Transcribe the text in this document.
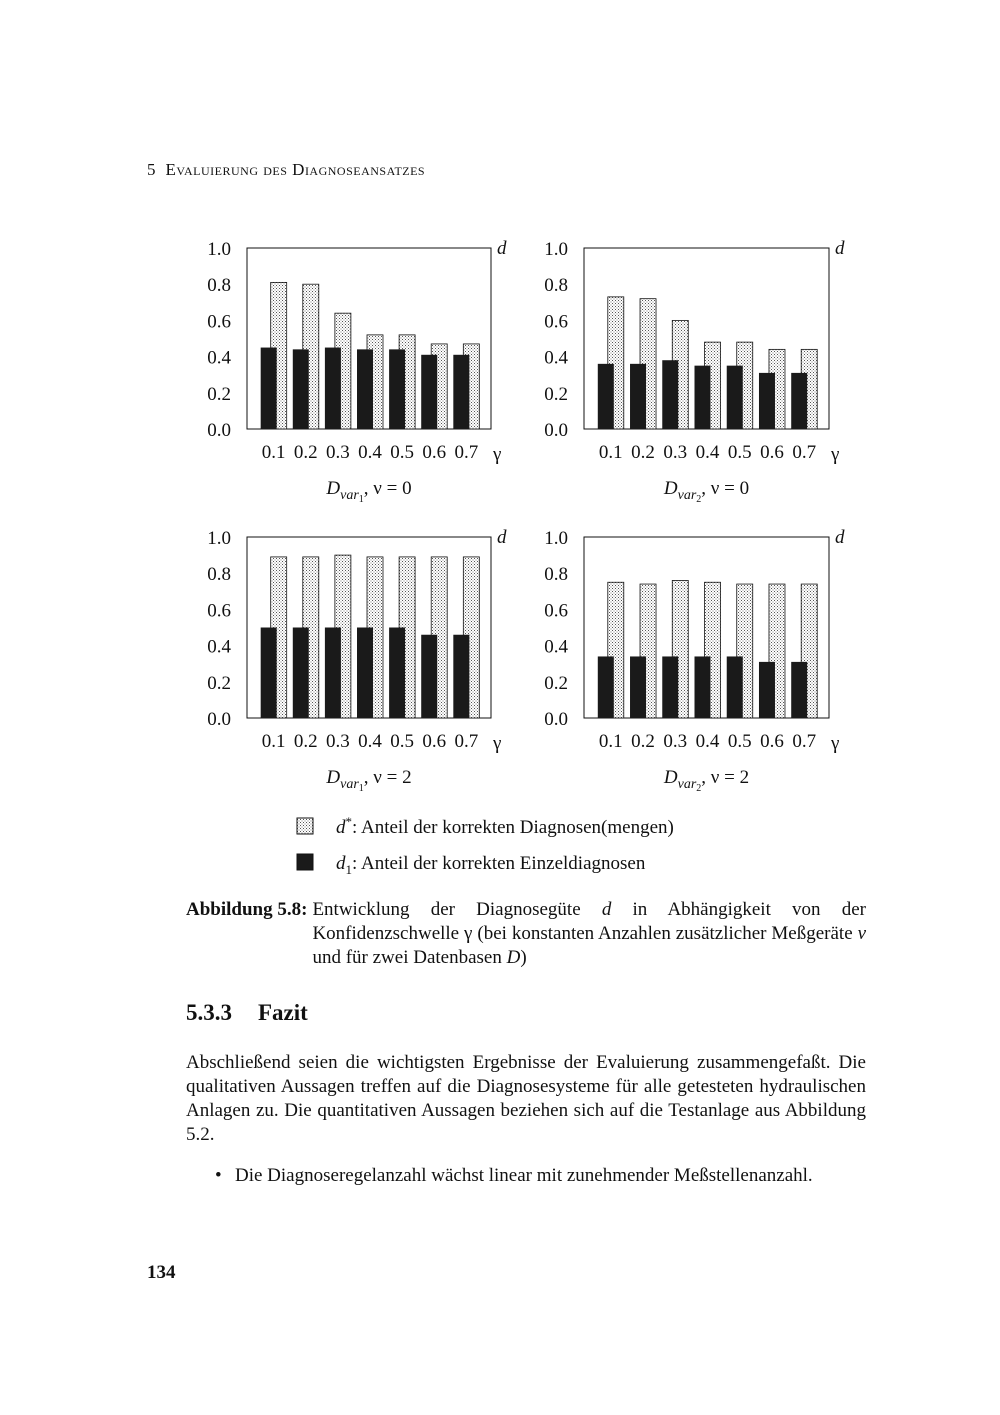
5 Evaluierung des Diagnoseansatzes
0.0
0.2
0.4
0.6
0.8
1.0	d
0.1 0.2 0.3 0.4 0.5 0.6 0.7 γ
$D_{var}1$, ν = 0
0.0
0.2
0.4
0.6
0.8
1.0	d
0.1 0.2 0.3 0.4 0.5 0.6 0.7 γ
$D_{var}2$, ν = 0
0.0
0.2
0.4
0.6
0.8
1.0	d
0.1 0.2 0.3 0.4 0.5 0.6 0.7 γ
$D_{var}1$, ν = 2
0.0
0.2
0.4
0.6
0.8
1.0	d
0.1 0.2 0.3 0.4 0.5 0.6 0.7 γ
$D_{var}2$, ν = 2
d*: Anteil der korrekten Diagnosen(mengen)
$d_1$: Anteil der korrekten Einzeldiagnosen
Abbildung 5.8: Entwicklung der Diagnosegüte d in Abhängigkeit von der Konfidenzschwelle γ (bei konstanten Anzahlen zusätzlicher Meßgeräte ν und für zwei Datenbasen D)
5.3.3 Fazit
Abschließend seien die wichtigsten Ergebnisse der Evaluierung zusammengefaßt. Die qualitativen Aussagen treffen auf die Diagnosesysteme für alle getesteten hydraulischen Anlagen zu. Die quantitativen Aussagen beziehen sich auf die Testanlage aus Abbildung 5.2.
• Die Diagnoseregelanzahl wächst linear mit zunehmender Meßstellenanzahl.
134
